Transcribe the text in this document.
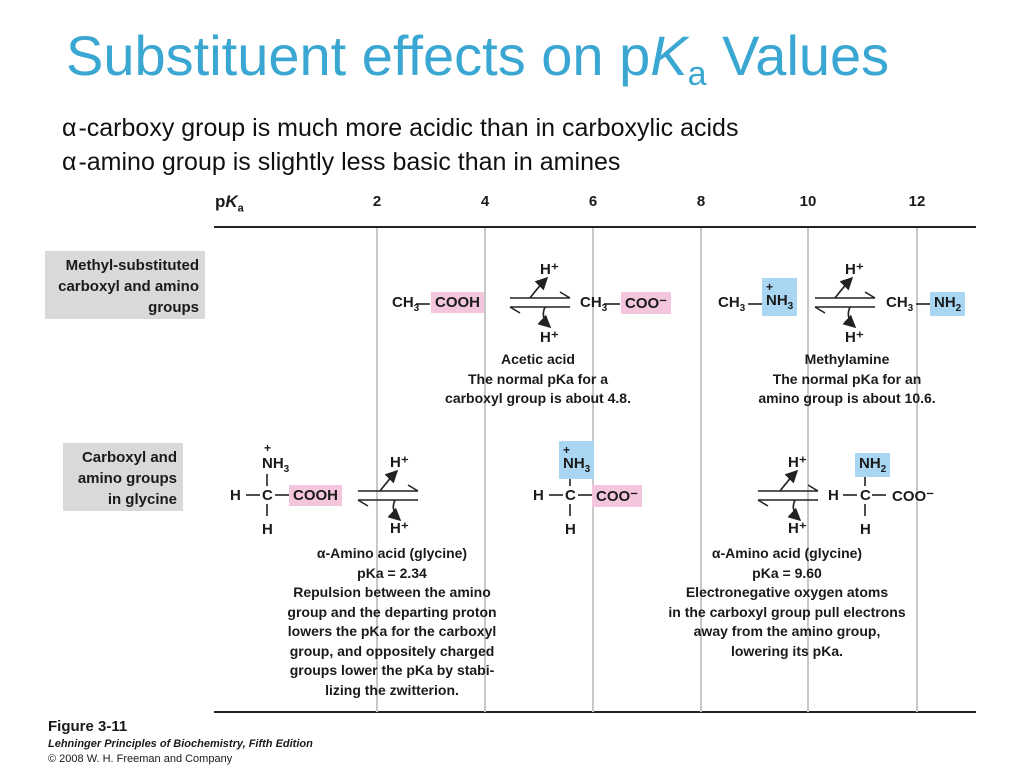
Substituent effects on $pK_a$ Values
α-carboxy group is much more acidic than in carboxylic acids
α-amino group is slightly less basic than in amines
$pK_a$	2	4	6	8	10	12
Methyl-substituted carboxyl and amino groups
Carboxyl and amino groups in glycine
H⁺
H⁺
H⁺
H⁺
H⁺
H⁺
H⁺
H⁺
$CH_3$ COOH	$CH_3$ COO⁻	$CH_3$
+
$NH_3$	$CH_3$ $NH_2$
+
$NH_3$
H C COOH
H
+
$NH_3$
H C COO⁻
H
$NH_2$
H C COO⁻
H
Acetic acid
The normal pKa for a
carboxyl group is about 4.8.
Methylamine
The normal pKa for an
amino group is about 10.6.
α-Amino acid (glycine)
pKa = 2.34
Repulsion between the amino
group and the departing proton
lowers the pKa for the carboxyl
group, and oppositely charged
groups lower the pKa by stabi-
lizing the zwitterion.
α-Amino acid (glycine)
pKa = 9.60
Electronegative oxygen atoms
in the carboxyl group pull electrons
away from the amino group,
lowering its pKa.
Figure 3-11
Lehninger Principles of Biochemistry, Fifth Edition
© 2008 W. H. Freeman and Company
